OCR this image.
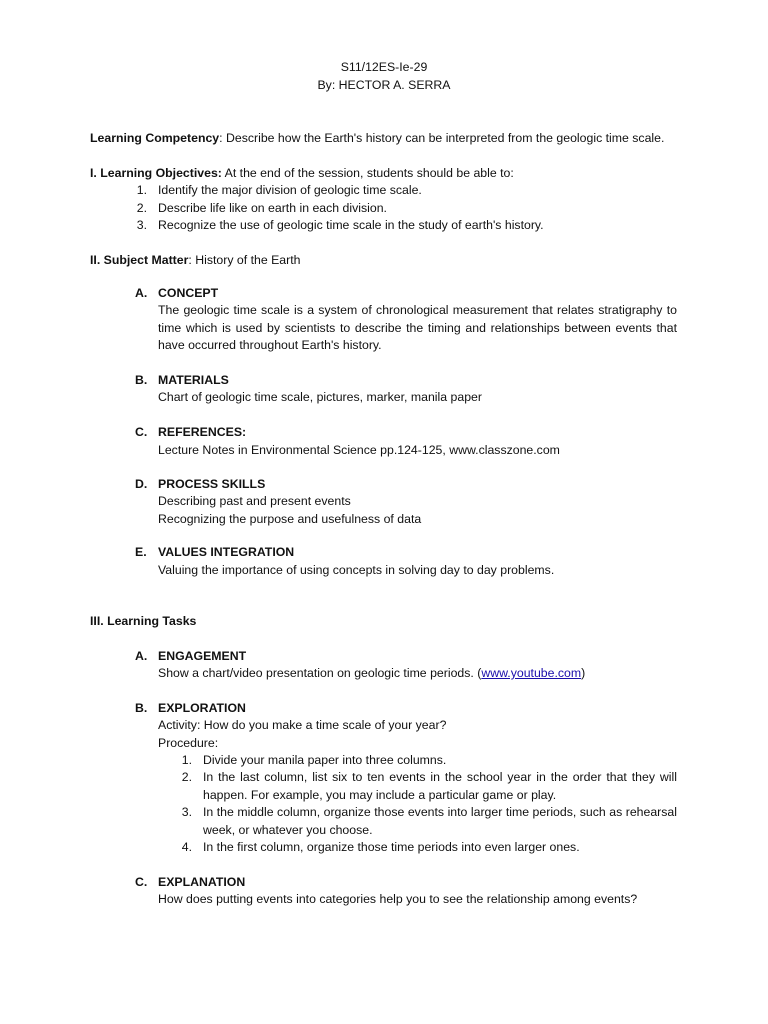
S11/12ES-Ie-29
By: HECTOR A. SERRA
Learning Competency: Describe how the Earth's history can be interpreted from the geologic time scale.
I. Learning Objectives: At the end of the session, students should be able to:
1. Identify the major division of geologic time scale.
2. Describe life like on earth in each division.
3. Recognize the use of geologic time scale in the study of earth's history.
II. Subject Matter: History of the Earth
A. CONCEPT
The geologic time scale is a system of chronological measurement that relates stratigraphy to time which is used by scientists to describe the timing and relationships between events that have occurred throughout Earth's history.
B. MATERIALS
Chart of geologic time scale, pictures, marker, manila paper
C. REFERENCES:
Lecture Notes in Environmental Science pp.124-125, www.classzone.com
D. PROCESS SKILLS
Describing past and present events
Recognizing the purpose and usefulness of data
E. VALUES INTEGRATION
Valuing the importance of using concepts in solving day to day problems.
III. Learning Tasks
A. ENGAGEMENT
Show a chart/video presentation on geologic time periods. (www.youtube.com)
B. EXPLORATION
Activity: How do you make a time scale of your year?
Procedure:
1. Divide your manila paper into three columns.
2. In the last column, list six to ten events in the school year in the order that they will happen. For example, you may include a particular game or play.
3. In the middle column, organize those events into larger time periods, such as rehearsal week, or whatever you choose.
4. In the first column, organize those time periods into even larger ones.
C. EXPLANATION
How does putting events into categories help you to see the relationship among events?
